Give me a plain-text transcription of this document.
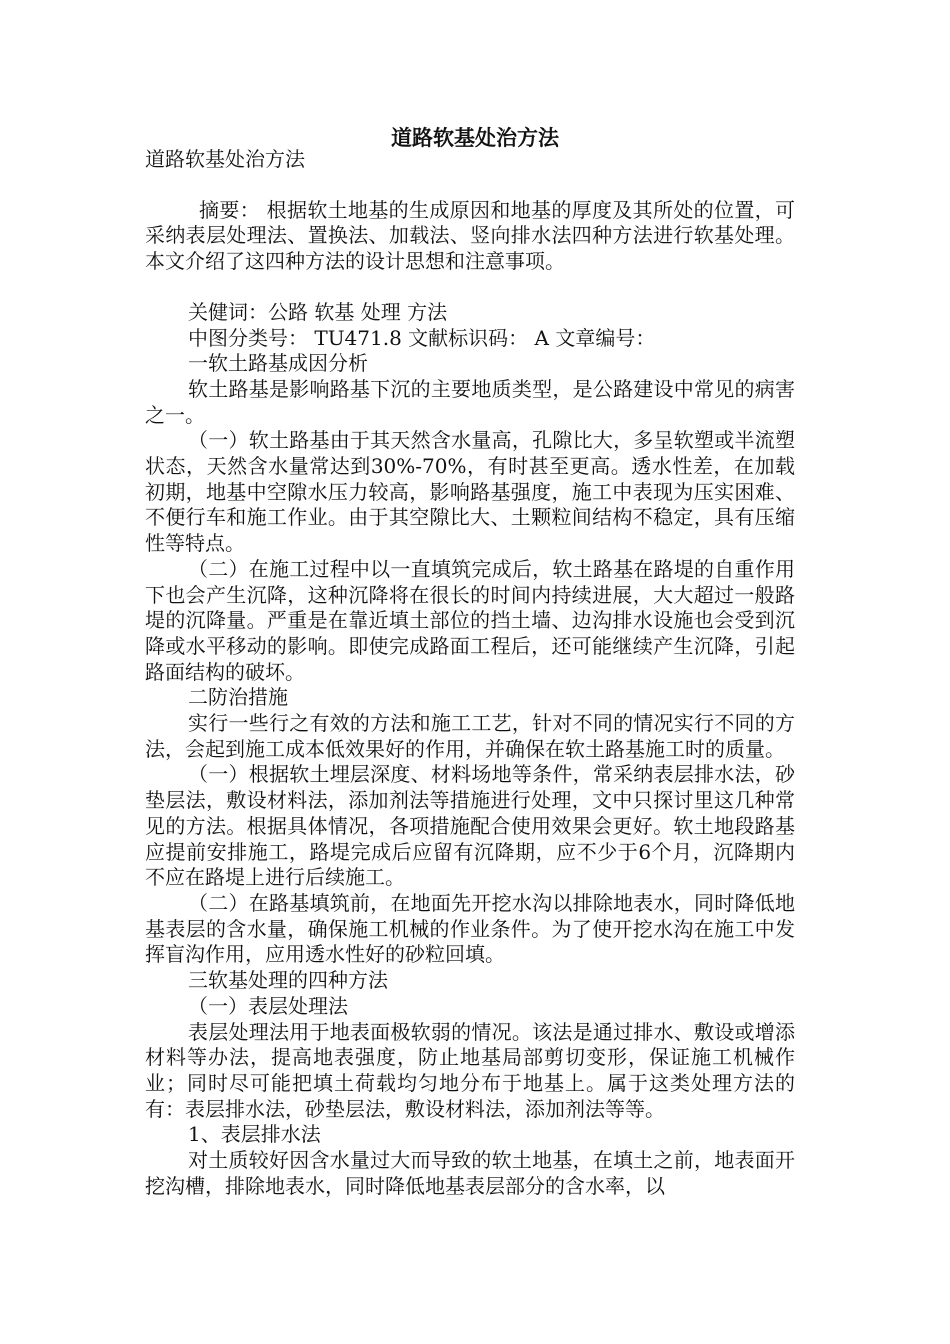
道路软基处治方法

道路软基处治方法

摘要： 根据软土地基的生成原因和地基的厚度及其所处的位置，可采纳表层处理法、置换法、加载法、竖向排水法四种方法进行软基处理。本文介绍了这四种方法的设计思想和注意事项。

关健词：公路 软基 处理 方法

中图分类号： TU471.8 文献标识码： A 文章编号：

一软土路基成因分析

软土路基是影响路基下沉的主要地质类型，是公路建设中常见的病害之一。

（一）软土路基由于其天然含水量高，孔隙比大，多呈软塑或半流塑状态，天然含水量常达到30%-70%，有时甚至更高。透水性差，在加载初期，地基中空隙水压力较高，影响路基强度，施工中表现为压实困难、不便行车和施工作业。由于其空隙比大、土颗粒间结构不稳定，具有压缩性等特点。

（二）在施工过程中以一直填筑完成后，软土路基在路堤的自重作用下也会产生沉降，这种沉降将在很长的时间内持续进展，大大超过一般路堤的沉降量。严重是在靠近填土部位的挡土墙、边沟排水设施也会受到沉降或水平移动的影响。即使完成路面工程后，还可能继续产生沉降，引起路面结构的破坏。

二防治措施

实行一些行之有效的方法和施工工艺，针对不同的情况实行不同的方法，会起到施工成本低效果好的作用，并确保在软土路基施工时的质量。

（一）根据软土埋层深度、材料场地等条件，常采纳表层排水法，砂垫层法，敷设材料法，添加剂法等措施进行处理，文中只探讨里这几种常见的方法。根据具体情况，各项措施配合使用效果会更好。软土地段路基应提前安排施工，路堤完成后应留有沉降期，应不少于6个月，沉降期内不应在路堤上进行后续施工。

（二）在路基填筑前，在地面先开挖水沟以排除地表水，同时降低地基表层的含水量，确保施工机械的作业条件。为了使开挖水沟在施工中发挥盲沟作用，应用透水性好的砂粒回填。

三软基处理的四种方法

（一）表层处理法

表层处理法用于地表面极软弱的情况。该法是通过排水、敷设或增添材料等办法，提高地表强度，防止地基局部剪切变形，保证施工机械作业；同时尽可能把填土荷载均匀地分布于地基上。属于这类处理方法的有：表层排水法，砂垫层法，敷设材料法，添加剂法等等。

1、表层排水法

对土质较好因含水量过大而导致的软土地基，在填土之前，地表面开挖沟槽，排除地表水，同时降低地基表层部分的含水率，以
